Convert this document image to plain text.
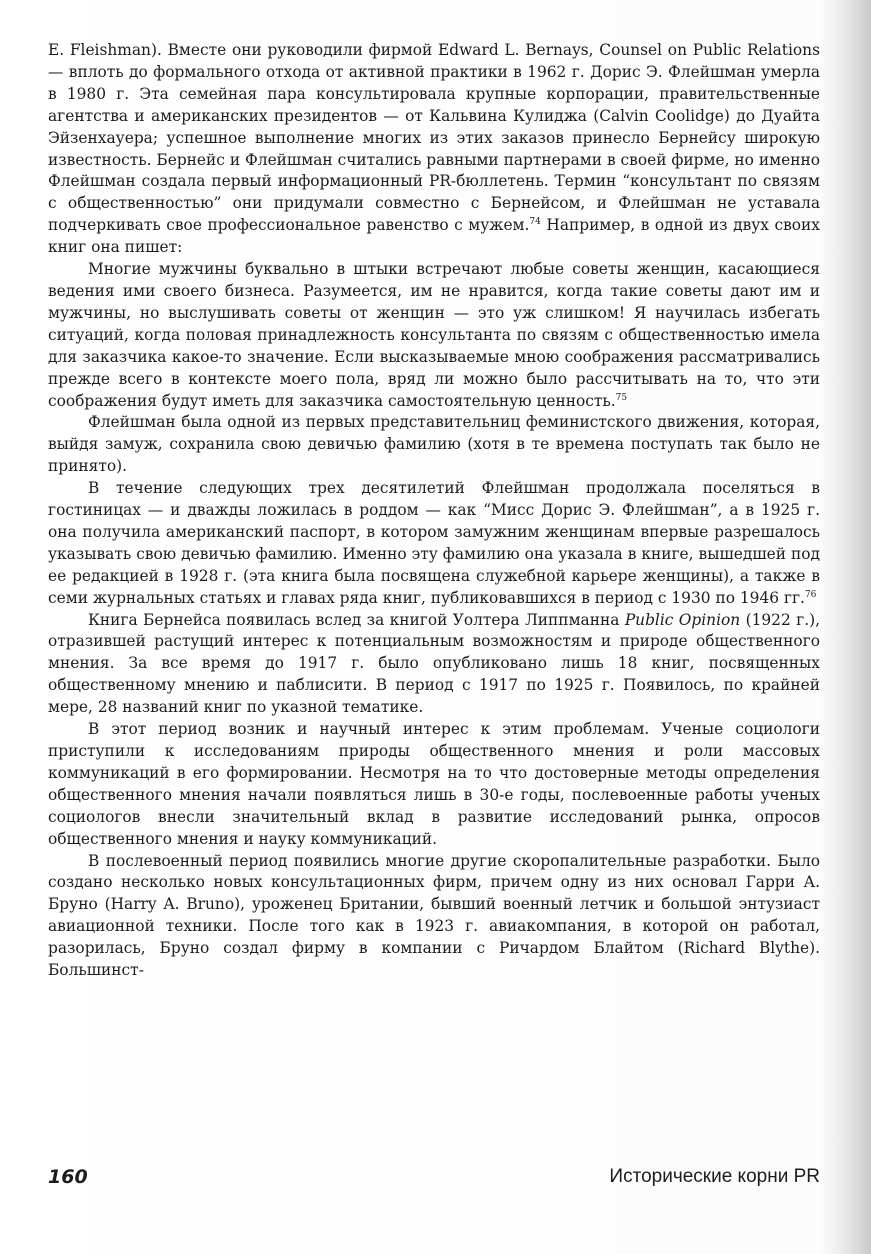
E. Fleishman). Вместе они руководили фирмой Edward L. Bernays, Counsel on Public Relations — вплоть до формального отхода от активной практики в 1962 г. Дорис Э. Флейшман умерла в 1980 г. Эта семейная пара консультировала крупные корпорации, правительственные агентства и американских президентов — от Кальвина Кулиджа (Calvin Coolidge) до Дуайта Эйзенхауера; успешное выполнение многих из этих заказов принесло Бернейсу широкую известность. Бернейс и Флейшман считались равными партнерами в своей фирме, но именно Флейшман создала первый информационный PR-бюллетень. Термин “консультант по связям с общественностью” они придумали совместно с Бернейсом, и Флейшман не уставала подчеркивать свое профессиональное равенство с мужем.$^{74}$ Например, в одной из двух своих книг она пишет:

Многие мужчины буквально в штыки встречают любые советы женщин, касающиеся ведения ими своего бизнеса. Разумеется, им не нравится, когда такие советы дают им и мужчины, но выслушивать советы от женщин — это уж слишком! Я научилась избегать ситуаций, когда половая принадлежность консультанта по связям с общественностью имела для заказчика какое-то значение. Если высказываемые мною соображения рассматривались прежде всего в контексте моего пола, вряд ли можно было рассчитывать на то, что эти соображения будут иметь для заказчика самостоятельную ценность.$^{75}$

Флейшман была одной из первых представительниц феминистского движения, которая, выйдя замуж, сохранила свою девичью фамилию (хотя в те времена поступать так было не принято).

В течение следующих трех десятилетий Флейшман продолжала поселяться в гостиницах — и дважды ложилась в роддом — как “Мисс Дорис Э. Флейшман”, а в 1925 г. она получила американский паспорт, в котором замужним женщинам впервые разрешалось указывать свою девичью фамилию. Именно эту фамилию она указала в книге, вышедшей под ее редакцией в 1928 г. (эта книга была посвящена служебной карьере женщины), а также в семи журнальных статьях и главах ряда книг, публиковавшихся в период с 1930 по 1946 гг.$^{76}$

Книга Бернейса появилась вслед за книгой Уолтера Липпманна Public Opinion (1922 г.), отразившей растущий интерес к потенциальным возможностям и природе общественного мнения. За все время до 1917 г. было опубликовано лишь 18 книг, посвященных общественному мнению и паблисити. В период с 1917 по 1925 г. Появилось, по крайней мере, 28 названий книг по указной тематике.

В этот период возник и научный интерес к этим проблемам. Ученые социологи приступили к исследованиям природы общественного мнения и роли массовых коммуникаций в его формировании. Несмотря на то что достоверные методы определения общественного мнения начали появляться лишь в 30-е годы, послевоенные работы ученых социологов внесли значительный вклад в развитие исследований рынка, опросов общественного мнения и науку коммуникаций.

В послевоенный период появились многие другие скоропалительные разработки. Было создано несколько новых консультационных фирм, причем одну из них основал Гарри А. Бруно (Harry A. Bruno), уроженец Британии, бывший военный летчик и большой энтузиаст авиационной техники. После того как в 1923 г. авиакомпания, в которой он работал, разорилась, Бруно создал фирму в компании с Ричардом Блайтом (Richard Blythe). Большинст-

160	Исторические корни PR
